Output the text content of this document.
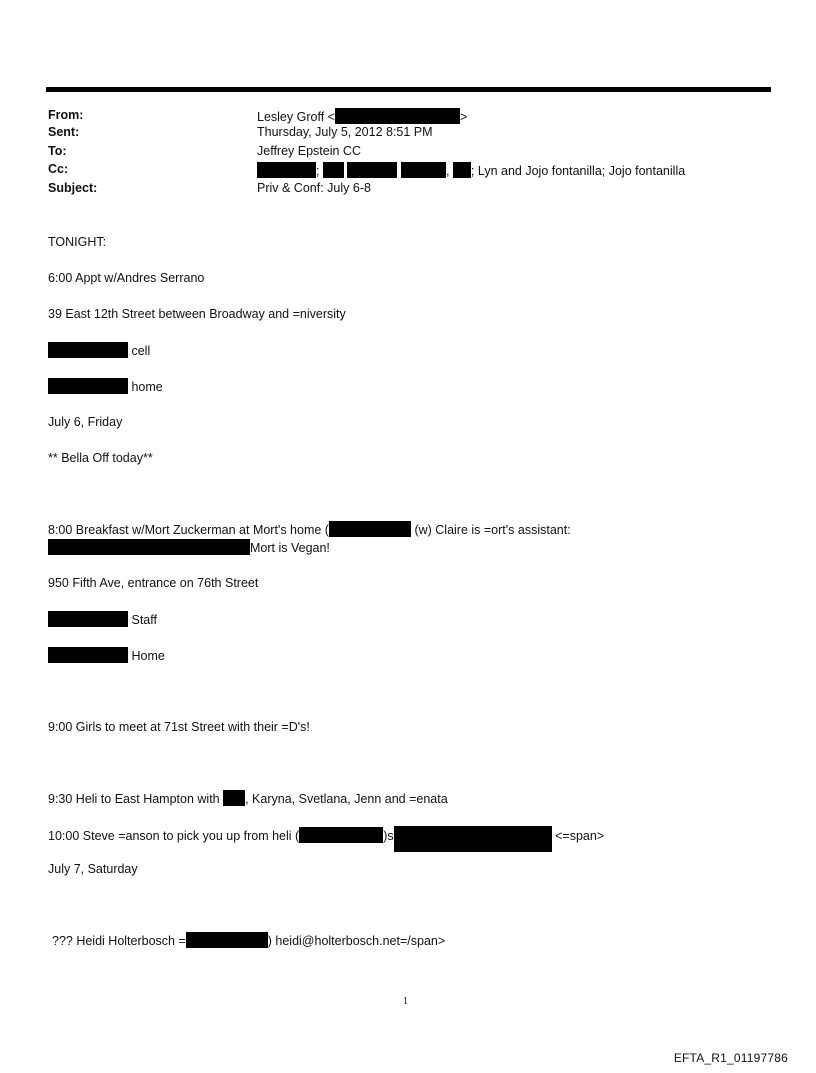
From:	Lesley Groff <	>
Sent:	Thursday, July 5, 2012 8:51 PM
To:	Jeffrey Epstein CC
Cc:	;	, ; Lyn and Jojo fontanilla; Jojo fontanilla
Subject:	Priv & Conf: July 6-8
TONIGHT:
6:00 Appt w/Andres Serrano
39 East 12th Street between Broadway and =niversity
cell
home
July 6, Friday
** Bella Off today**
8:00 Breakfast w/Mort Zuckerman at Mort's home (	(w) Claire is =ort's assistant:
Mort is Vegan!
950 Fifth Ave, entrance on 76th Street
Staff
Home
9:00 Girls to meet at 71st Street with their =D's!
9:30 Heli to East Hampton with , Karyna, Svetlana, Jenn and =enata
10:00 Steve =anson to pick you up from heli (	)s	<=span>
July 7, Saturday
??? Heidi Holterbosch =	) heidi@holterbosch.net=/span>
1
EFTA_R1_01197786
